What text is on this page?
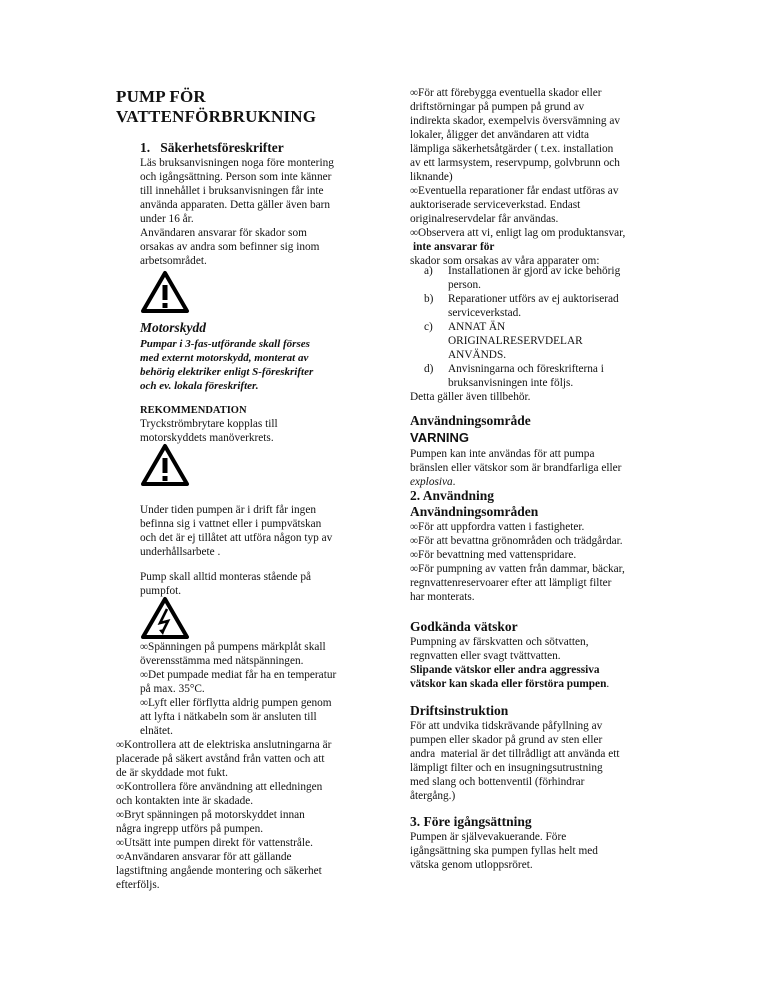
PUMP FÖR
VATTENFÖRBRUKNING
1.   Säkerhetsföreskrifter
Läs bruksanvisningen noga före montering
och igångsättning. Person som inte känner
till innehållet i bruksanvisningen får inte
använda apparaten. Detta gäller även barn
under 16 år.
Användaren ansvarar för skador som
orsakas av andra som befinner sig inom
arbetsområdet.
Motorskydd
Pumpar i 3-fas-utförande skall förses
med externt motorskydd, monterat av
behörig elektriker enligt S-föreskrifter
och ev. lokala föreskrifter.
REKOMMENDATION
Tryckströmbrytare kopplas till
motorskyddets manöverkrets.
Under tiden pumpen är i drift får ingen
befinna sig i vattnet eller i pumpvätskan
och det är ej tillåtet att utföra någon typ av
underhållsarbete .
Pump skall alltid monteras stående på
pumpfot.
∞Spänningen på pumpens märkplåt skall
överensstämma med nätspänningen.
∞Det pumpade mediat får ha en temperatur
på max. 35°C.
∞Lyft eller förflytta aldrig pumpen genom
att lyfta i nätkabeln som är ansluten till
elnätet.
∞Kontrollera att de elektriska anslutningarna är
placerade på säkert avstånd från vatten och att
de är skyddade mot fukt.
∞Kontrollera före användning att elledningen
och kontakten inte är skadade.
∞Bryt spänningen på motorskyddet innan
några ingrepp utförs på pumpen.
∞Utsätt inte pumpen direkt för vattenstråle.
∞Användaren ansvarar för att gällande
lagstiftning angående montering och säkerhet
efterföljs.
∞För att förebygga eventuella skador eller
driftstörningar på pumpen på grund av
indirekta skador, exempelvis översvämning av
lokaler, åligger det användaren att vidta
lämpliga säkerhetsåtgärder ( t.ex. installation
av ett larmsystem, reservpump, golvbrunn och
liknande)
∞Eventuella reparationer får endast utföras av
auktoriserade serviceverkstad. Endast
originalreservdelar får användas.
∞Observera att vi, enligt lag om produktansvar,
inte ansvarar för
skador som orsakas av våra apparater om:
a) Installationen är gjord av icke behörig
person.
b) Reparationer utförs av ej auktoriserad
serviceverkstad.
c) ANNAT ÄN
ORIGINALRESERVDELAR
ANVÄNDS.
d) Anvisningarna och föreskrifterna i
bruksanvisningen inte följs.
Detta gäller även tillbehör.
Användningsområde
VARNING
Pumpen kan inte användas för att pumpa
bränslen eller vätskor som är brandfarliga eller
explosiva.
2. Användning
Användningsområden
∞För att uppfordra vatten i fastigheter.
∞För att bevattna grönområden och trädgårdar.
∞För bevattning med vattenspridare.
∞För pumpning av vatten från dammar, bäckar,
regnvattenreservoarer efter att lämpligt filter
har monterats.
Godkända vätskor
Pumpning av färskvatten och sötvatten,
regnvatten eller svagt tvättvatten.
Slipande vätskor eller andra aggressiva
vätskor kan skada eller förstöra pumpen.
Driftsinstruktion
För att undvika tidskrävande påfyllning av
pumpen eller skador på grund av sten eller
andra  material är det tillrådligt att använda ett
lämpligt filter och en insugningsutrustning
med slang och bottenventil (förhindrar
återgång.)
3. Före igångsättning
Pumpen är självevakuerande. Före
igångsättning ska pumpen fyllas helt med
vätska genom utloppsröret.
